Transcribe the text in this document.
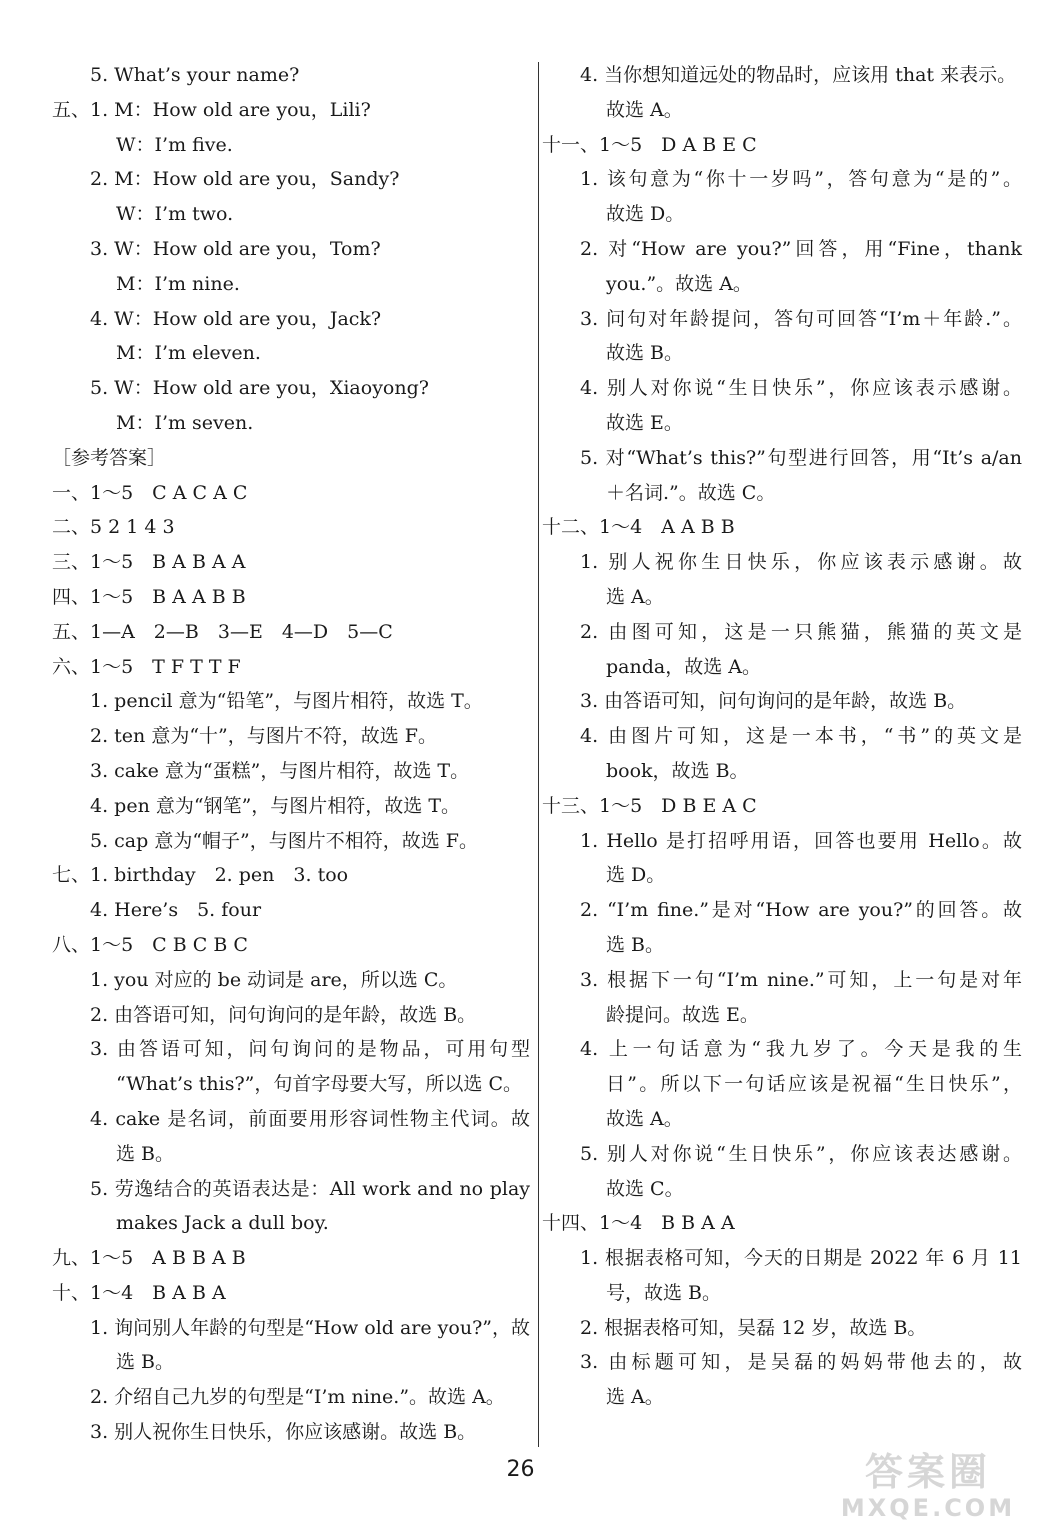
5. What’s your name?
五、1. M：How old are you，Lili?
W：I’m five.
2. M：How old are you，Sandy?
W：I’m two.
3. W：How old are you，Tom?
M：I’m nine.
4. W：How old are you，Jack?
M：I’m eleven.
5. W：How old are you，Xiaoyong?
M：I’m seven.
［参考答案］
一、1～5　C A C A C
二、5 2 1 4 3
三、1～5　B A B A A
四、1～5　B A A B B
五、1—A　2—B　3—E　4—D　5—C
六、1～5　T F T T F
1. pencil 意为“铅笔”，与图片相符，故选 T。
2. ten 意为“十”，与图片不符，故选 F。
3. cake 意为“蛋糕”，与图片相符，故选 T。
4. pen 意为“钢笔”，与图片相符，故选 T。
5. cap 意为“帽子”，与图片不相符，故选 F。
七、1. birthday　2. pen　3. too
4. Here’s　5. four
八、1～5　C B C B C
1. you 对应的 be 动词是 are，所以选 C。
2. 由答语可知，问句询问的是年龄，故选 B。
3. 由答语可知，问句询问的是物品，可用句型
“What’s this?”，句首字母要大写，所以选 C。
4. cake 是名词，前面要用形容词性物主代词。故
选 B。
5. 劳逸结合的英语表达是：All work and no play
makes Jack a dull boy.
九、1～5　A B B A B
十、1～4　B A B A
1. 询问别人年龄的句型是“How old are you?”，故
选 B。
2. 介绍自己九岁的句型是“I’m nine.”。故选 A。
3. 别人祝你生日快乐，你应该感谢。故选 B。
4. 当你想知道远处的物品时，应该用 that 来表示。
故选 A。
十一、1～5　D A B E C
1. 该句意为“你十一岁吗”，答句意为“是的”。
故选 D。
2. 对“How are you?”回答，用“Fine，thank
you.”。故选 A。
3. 问句对年龄提问，答句可回答“I’m＋年龄.”。
故选 B。
4. 别人对你说“生日快乐”，你应该表示感谢。
故选 E。
5. 对“What’s this?”句型进行回答，用“It’s a/an
＋名词.”。故选 C。
十二、1～4　A A B B
1. 别人祝你生日快乐，你应该表示感谢。故
选 A。
2. 由图可知，这是一只熊猫，熊猫的英文是
panda，故选 A。
3. 由答语可知，问句询问的是年龄，故选 B。
4. 由图片可知，这是一本书，“书”的英文是
book，故选 B。
十三、1～5　D B E A C
1. Hello 是打招呼用语，回答也要用 Hello。故
选 D。
2. “I’m fine.”是对“How are you?”的回答。故
选 B。
3. 根据下一句“I’m nine.”可知，上一句是对年
龄提问。故选 E。
4. 上一句话意为“我九岁了。今天是我的生
日”。所以下一句话应该是祝福“生日快乐”，
故选 A。
5. 别人对你说“生日快乐”，你应该表达感谢。
故选 C。
十四、1～4　B B A A
1. 根据表格可知，今天的日期是 2022 年 6 月 11
号，故选 B。
2. 根据表格可知，吴磊 12 岁，故选 B。
3. 由标题可知，是吴磊的妈妈带他去的，故
选 A。
26	答案圈
MXQE.COM
